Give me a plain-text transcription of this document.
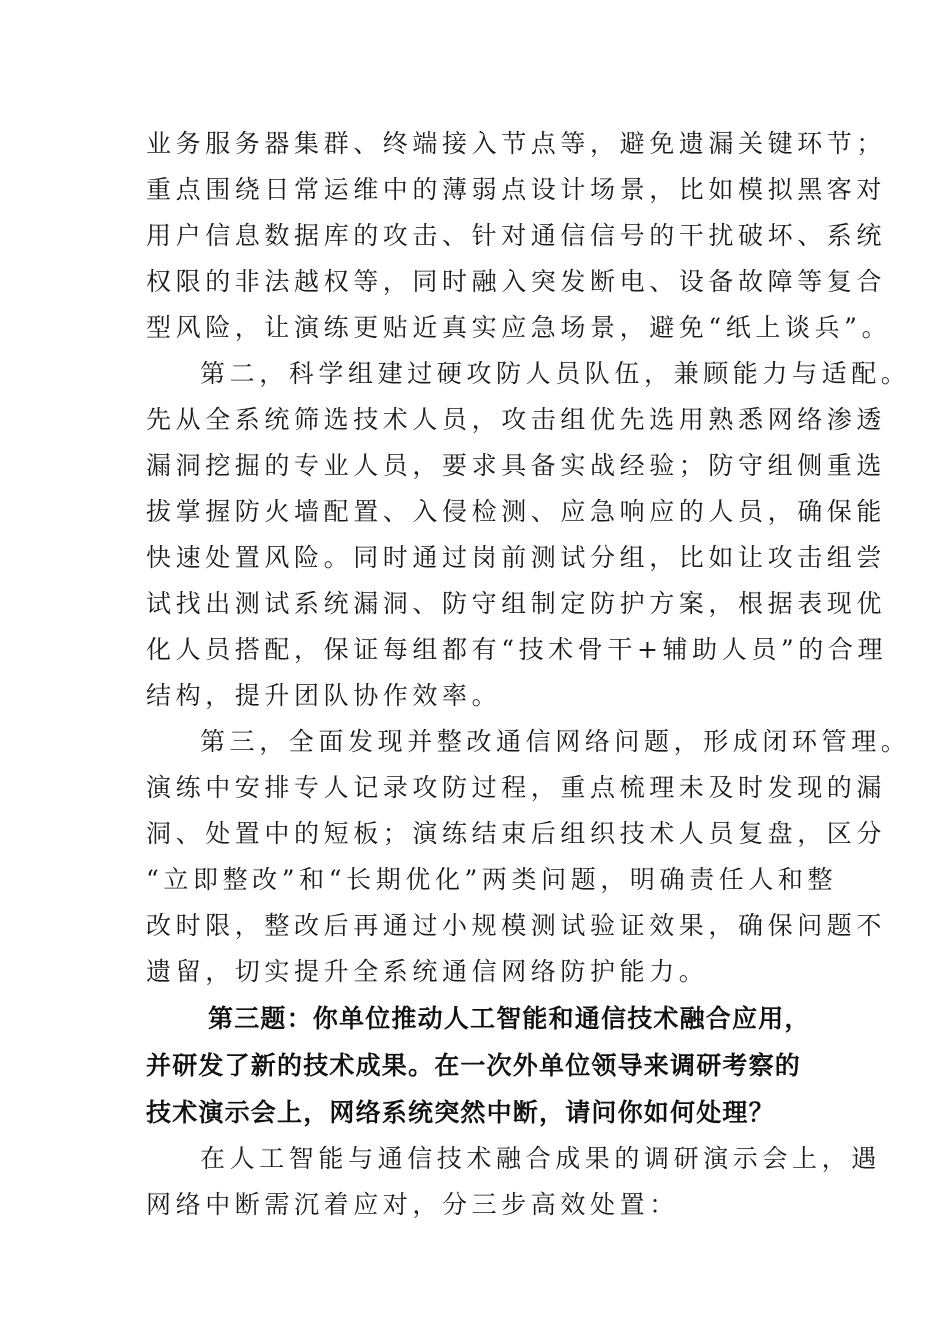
业务服务器集群、终端接入节点等，避免遗漏关键环节；
重点围绕日常运维中的薄弱点设计场景，比如模拟黑客对
用户信息数据库的攻击、针对通信信号的干扰破坏、系统
权限的非法越权等，同时融入突发断电、设备故障等复合
型风险，让演练更贴近真实应急场景，避免“纸上谈兵”。
第二，科学组建过硬攻防人员队伍，兼顾能力与适配。
先从全系统筛选技术人员，攻击组优先选用熟悉网络渗透
漏洞挖掘的专业人员，要求具备实战经验；防守组侧重选
拔掌握防火墙配置、入侵检测、应急响应的人员，确保能
快速处置风险。同时通过岗前测试分组，比如让攻击组尝
试找出测试系统漏洞、防守组制定防护方案，根据表现优
化人员搭配，保证每组都有“技术骨干+辅助人员”的合理
结构，提升团队协作效率。
第三，全面发现并整改通信网络问题，形成闭环管理。
演练中安排专人记录攻防过程，重点梳理未及时发现的漏
洞、处置中的短板；演练结束后组织技术人员复盘，区分
“立即整改”和“长期优化”两类问题，明确责任人和整
改时限，整改后再通过小规模测试验证效果，确保问题不
遗留，切实提升全系统通信网络防护能力。
第三题：你单位推动人工智能和通信技术融合应用，
并研发了新的技术成果。在一次外单位领导来调研考察的
技术演示会上，网络系统突然中断，请问你如何处理？
在人工智能与通信技术融合成果的调研演示会上，遇
网络中断需沉着应对，分三步高效处置：
